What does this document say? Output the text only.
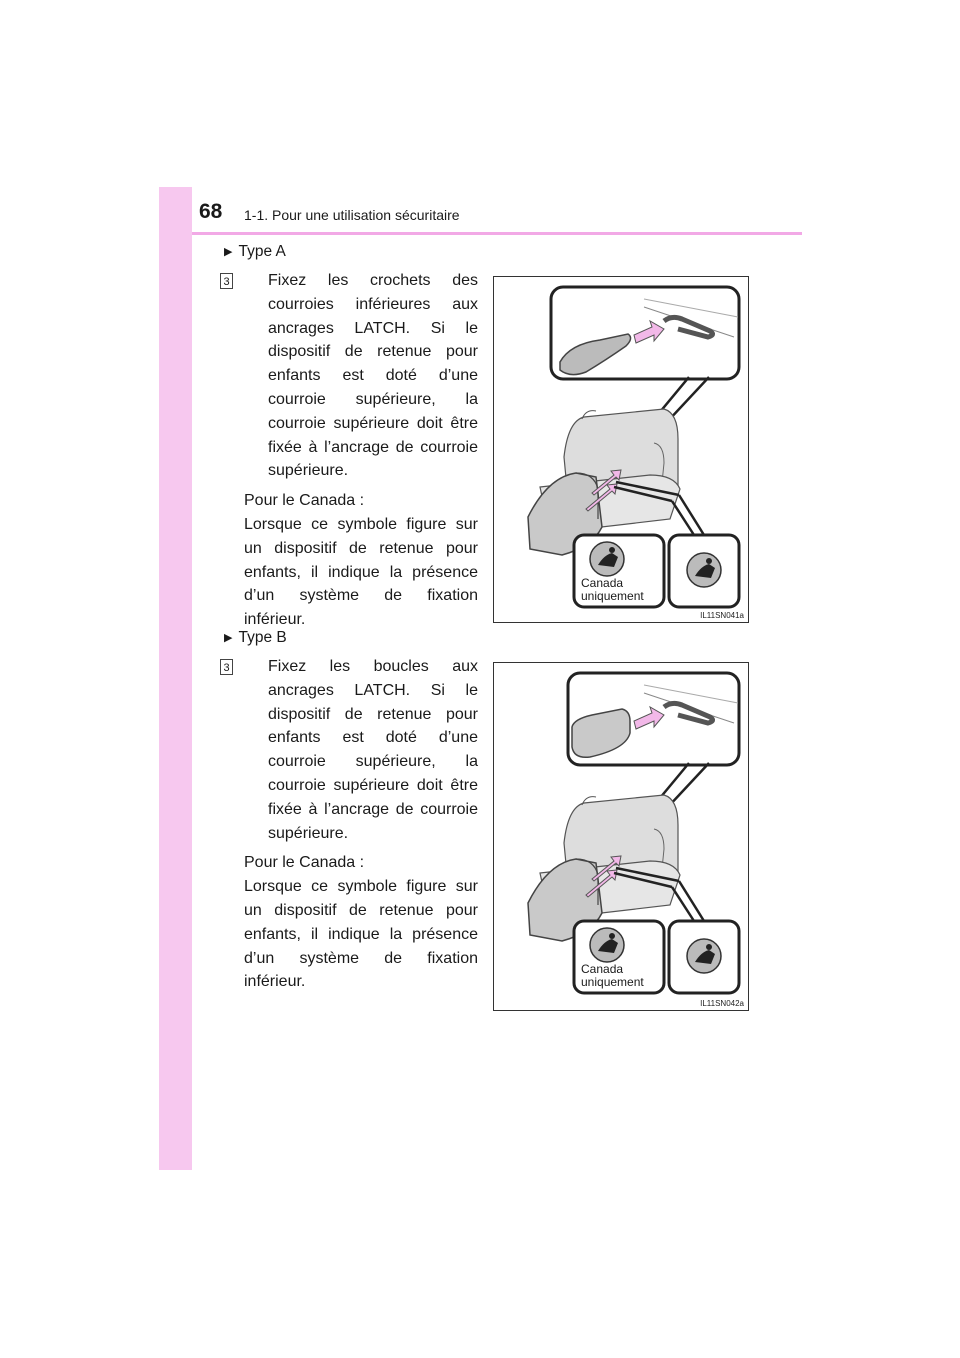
68 1-1. Pour une utilisation sécuritaire
▶ Type A
3	Fixez les crochets des courroies inférieures aux ancrages LATCH. Si le dispositif de retenue pour enfants est doté d’une courroie supérieure, la courroie supérieure doit être fixée à l’ancrage de courroie supérieure.

Pour le Canada :

Lorsque ce symbole figure sur un dispositif de retenue pour enfants, il indique la présence d’un système de fixation inférieur.

Canada
uniquement
IL11SN041a
▶ Type B
3	Fixez les boucles aux ancrages LATCH. Si le dispositif de retenue pour enfants est doté d’une courroie supérieure, la courroie supérieure doit être fixée à l’ancrage de courroie supérieure.

Pour le Canada :

Lorsque ce symbole figure sur un dispositif de retenue pour enfants, il indique la présence d’un système de fixation inférieur.

Canada
uniquement
IL11SN042a
